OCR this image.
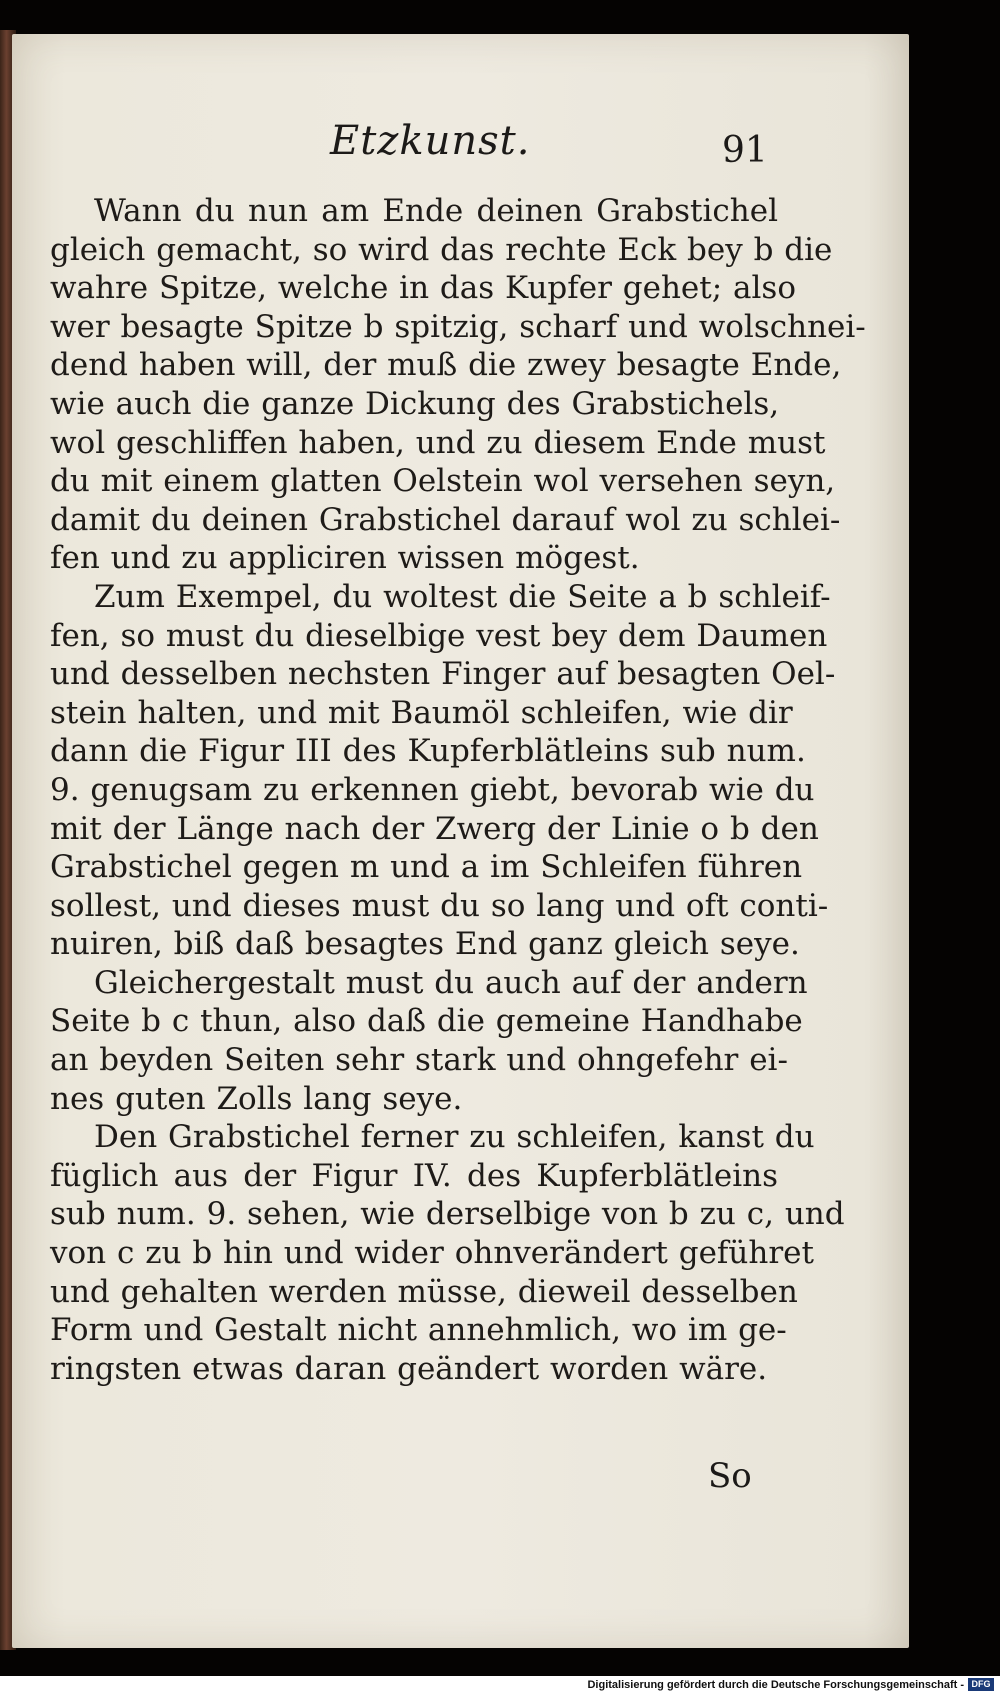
Etzkunst.	91
Wann du nun am Ende deinen Grabstichel
gleich gemacht, so wird das rechte Eck bey b die
wahre Spitze, welche in das Kupfer gehet; also
wer besagte Spitze b spitzig, scharf und wolschnei-
dend haben will, der muß die zwey besagte Ende,
wie auch die ganze Dickung des Grabstichels,
wol geschliffen haben, und zu diesem Ende must
du mit einem glatten Oelstein wol versehen seyn,
damit du deinen Grabstichel darauf wol zu schlei-
fen und zu appliciren wissen mögest.
Zum Exempel, du woltest die Seite a b schleif-
fen, so must du dieselbige vest bey dem Daumen
und desselben nechsten Finger auf besagten Oel-
stein halten, und mit Baumöl schleifen, wie dir
dann die Figur III des Kupferblätleins sub num.
9. genugsam zu erkennen giebt, bevorab wie du
mit der Länge nach der Zwerg der Linie o b den
Grabstichel gegen m und a im Schleifen führen
sollest, und dieses must du so lang und oft conti-
nuiren, biß daß besagtes End ganz gleich seye.
Gleichergestalt must du auch auf der andern
Seite b c thun, also daß die gemeine Handhabe
an beyden Seiten sehr stark und ohngefehr ei-
nes guten Zolls lang seye.
Den Grabstichel ferner zu schleifen, kanst du
füglich aus der Figur IV. des Kupferblätleins
sub num. 9. sehen, wie derselbige von b zu c, und
von c zu b hin und wider ohnverändert geführet
und gehalten werden müsse, dieweil desselben
Form und Gestalt nicht annehmlich, wo im ge-
ringsten etwas daran geändert worden wäre.
So
Digitalisierung gefördert durch die Deutsche Forschungsgemeinschaft - DFG
